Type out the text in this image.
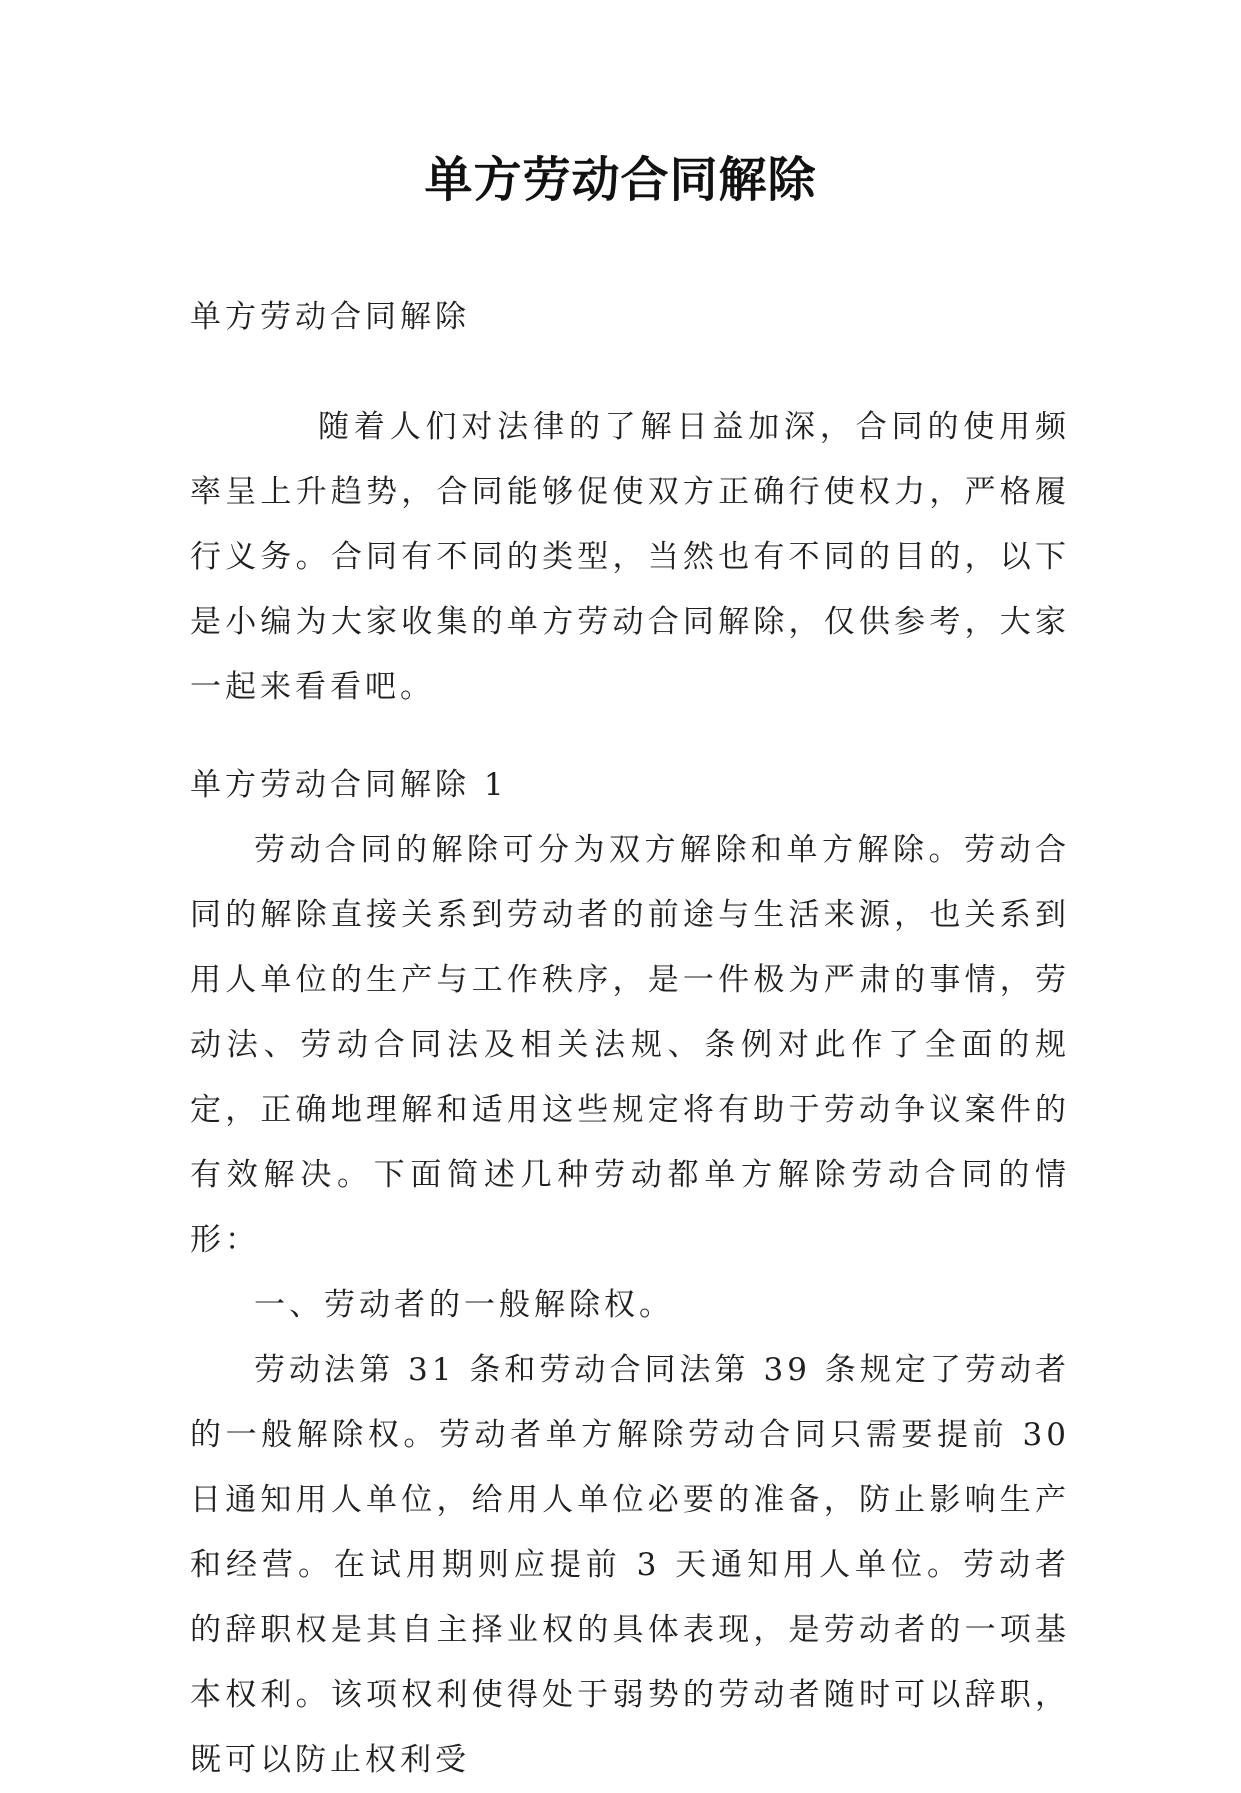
单方劳动合同解除
单方劳动合同解除

随着人们对法律的了解日益加深，合同的使用频率呈上升趋势，合同能够促使双方正确行使权力，严格履行义务。合同有不同的类型，当然也有不同的目的，以下是小编为大家收集的单方劳动合同解除，仅供参考，大家一起来看看吧。

单方劳动合同解除 1

劳动合同的解除可分为双方解除和单方解除。劳动合同的解除直接关系到劳动者的前途与生活来源，也关系到用人单位的生产与工作秩序，是一件极为严肃的事情，劳动法、劳动合同法及相关法规、条例对此作了全面的规定，正确地理解和适用这些规定将有助于劳动争议案件的有效解决。下面简述几种劳动都单方解除劳动合同的情形：

一、劳动者的一般解除权。

劳动法第 31 条和劳动合同法第 39 条规定了劳动者的一般解除权。劳动者单方解除劳动合同只需要提前 30 日通知用人单位，给用人单位必要的准备，防止影响生产和经营。在试用期则应提前 3 天通知用人单位。劳动者的辞职权是其自主择业权的具体表现，是劳动者的一项基本权利。该项权利使得处于弱势的劳动者随时可以辞职，既可以防止权利受
